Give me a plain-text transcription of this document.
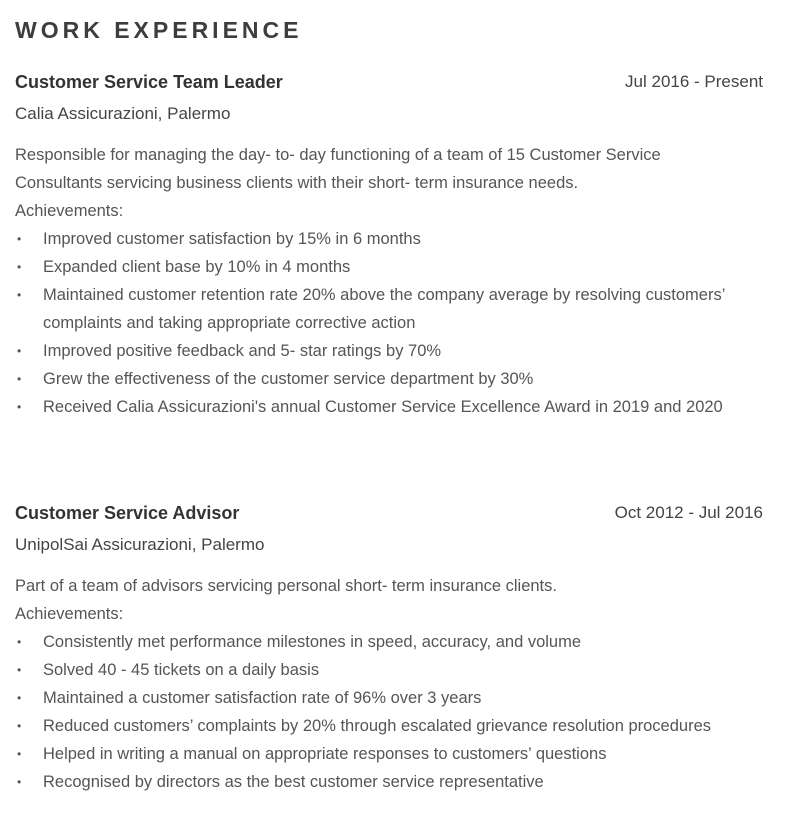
WORK EXPERIENCE
Customer Service Team Leader	Jul 2016 - Present
Calia Assicurazioni, Palermo

Responsible for managing the day- to- day functioning of a team of 15 Customer Service

Consultants servicing business clients with their short- term insurance needs.

Achievements:

• Improved customer satisfaction by 15% in 6 months
• Expanded client base by 10% in 4 months
• Maintained customer retention rate 20% above the company average by resolving customers’ complaints and taking appropriate corrective action
• Improved positive feedback and 5- star ratings by 70%
• Grew the effectiveness of the customer service department by 30%
• Received Calia Assicurazioni's annual Customer Service Excellence Award in 2019 and 2020
Customer Service Advisor	Oct 2012 - Jul 2016
UnipolSai Assicurazioni, Palermo

Part of a team of advisors servicing personal short- term insurance clients.

Achievements:

• Consistently met performance milestones in speed, accuracy, and volume
• Solved 40 - 45 tickets on a daily basis
• Maintained a customer satisfaction rate of 96% over 3 years
• Reduced customers’ complaints by 20% through escalated grievance resolution procedures
• Helped in writing a manual on appropriate responses to customers’ questions
• Recognised by directors as the best customer service representative
